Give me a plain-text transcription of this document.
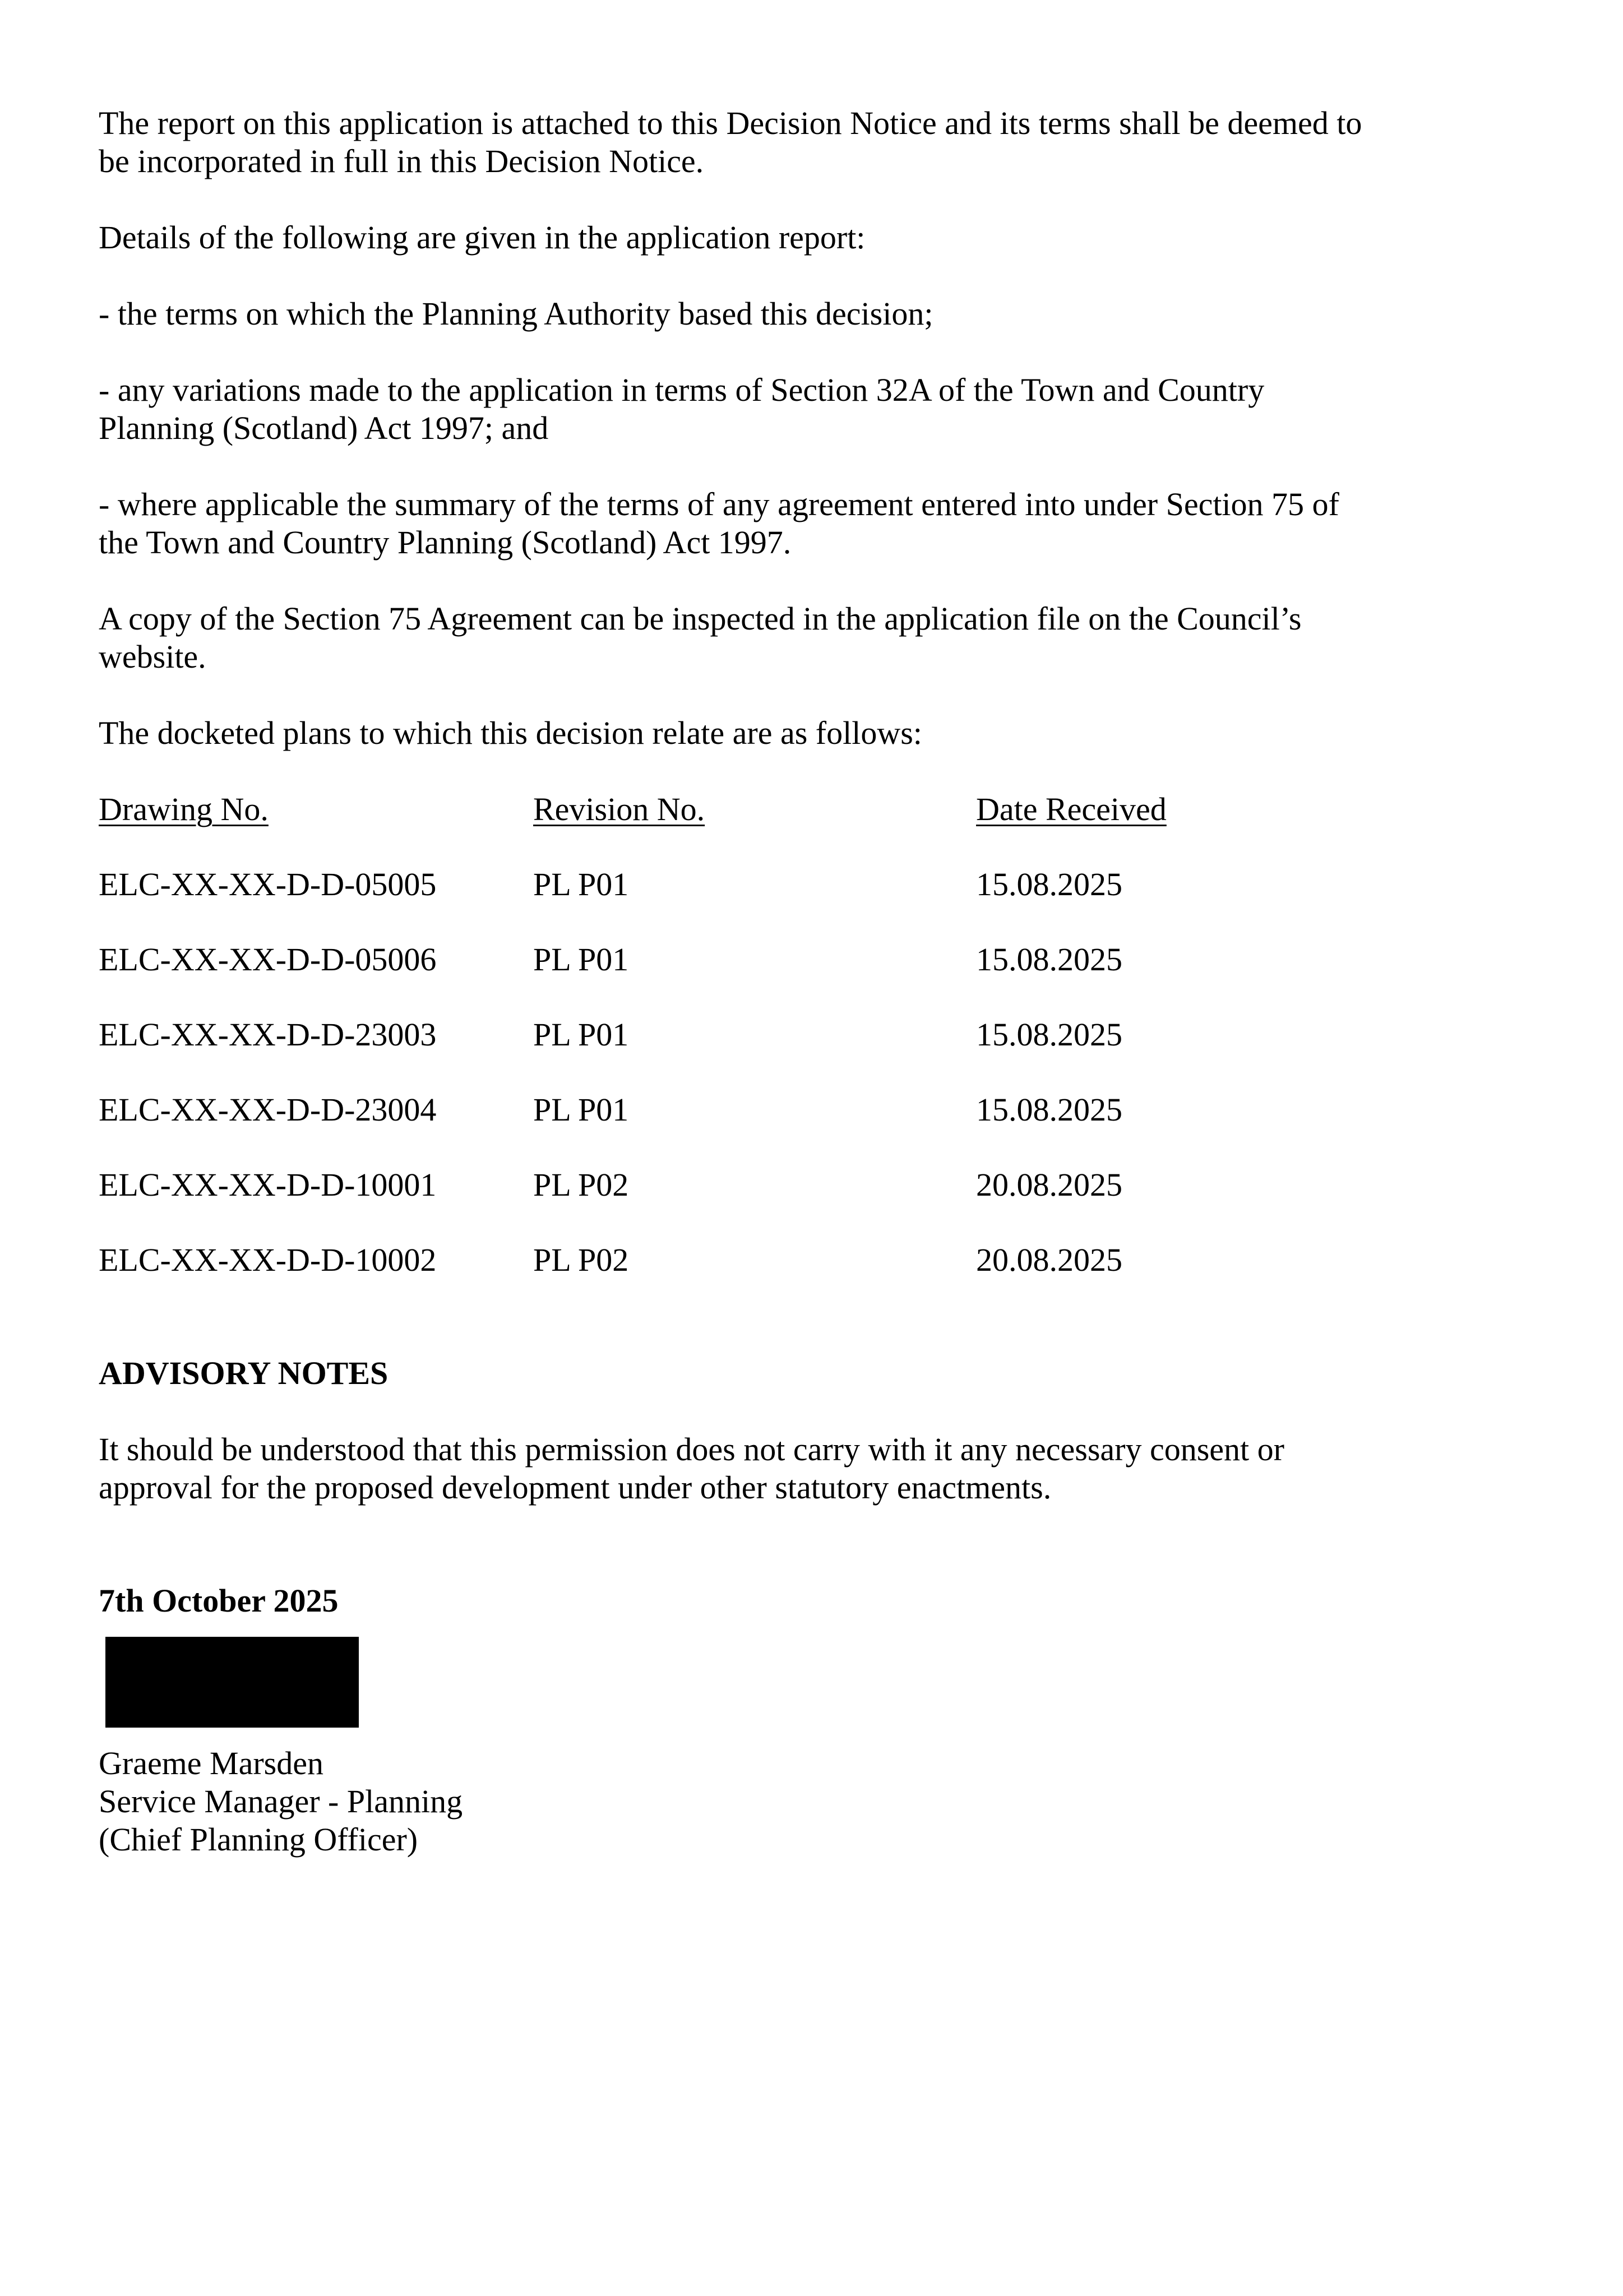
The report on this application is attached to this Decision Notice and its terms shall be deemed to
be incorporated in full in this Decision Notice.
Details of the following are given in the application report:
- the terms on which the Planning Authority based this decision;
- any variations made to the application in terms of Section 32A of the Town and Country
Planning (Scotland) Act 1997; and
- where applicable the summary of the terms of any agreement entered into under Section 75 of
the Town and Country Planning (Scotland) Act 1997.
A copy of the Section 75 Agreement can be inspected in the application file on the Council’s
website.
The docketed plans to which this decision relate are as follows:
Drawing No.	Revision No.	Date Received
ELC-XX-XX-D-D-05005	PL P01	15.08.2025
ELC-XX-XX-D-D-05006	PL P01	15.08.2025
ELC-XX-XX-D-D-23003	PL P01	15.08.2025
ELC-XX-XX-D-D-23004	PL P01	15.08.2025
ELC-XX-XX-D-D-10001	PL P02	20.08.2025
ELC-XX-XX-D-D-10002	PL P02	20.08.2025
ADVISORY NOTES
It should be understood that this permission does not carry with it any necessary consent or
approval for the proposed development under other statutory enactments.
7th October 2025
Graeme Marsden
Service Manager - Planning
(Chief Planning Officer)
